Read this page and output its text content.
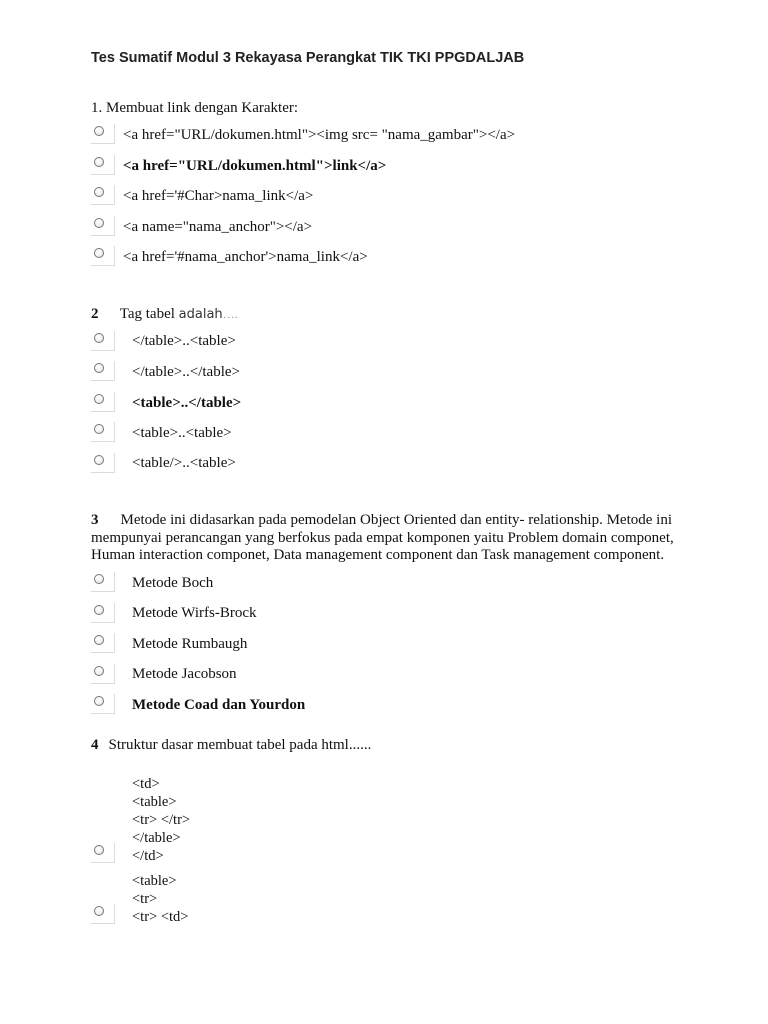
Tes Sumatif Modul 3 Rekayasa Perangkat TIK TKI PPGDALJAB
1. Membuat link dengan Karakter:
<a href="URL/dokumen.html"><img src= "nama_gambar"></a>
<a href="URL/dokumen.html">link</a>
<a href='#Char>nama_link</a>
<a name="nama_anchor"></a>
<a href='#nama_anchor'>nama_link</a>
2 Tag tabel adalah….
</table>..<table>
</table>..</table>
<table>..</table>
<table>..<table>
<table/>..<table>
3 Metode ini didasarkan pada pemodelan Object Oriented dan entity- relationship. Metode ini mempunyai perancangan yang berfokus pada empat komponen yaitu Problem domain componet, Human interaction componet, Data management component dan Task management component.
Metode Boch
Metode Wirfs-Brock
Metode Rumbaugh
Metode Jacobson
Metode Coad dan Yourdon
4 Struktur dasar membuat tabel pada html......
<td>
<table>
<tr> </tr>
</table>
</td>
<table>
<tr>
<tr> <td>
